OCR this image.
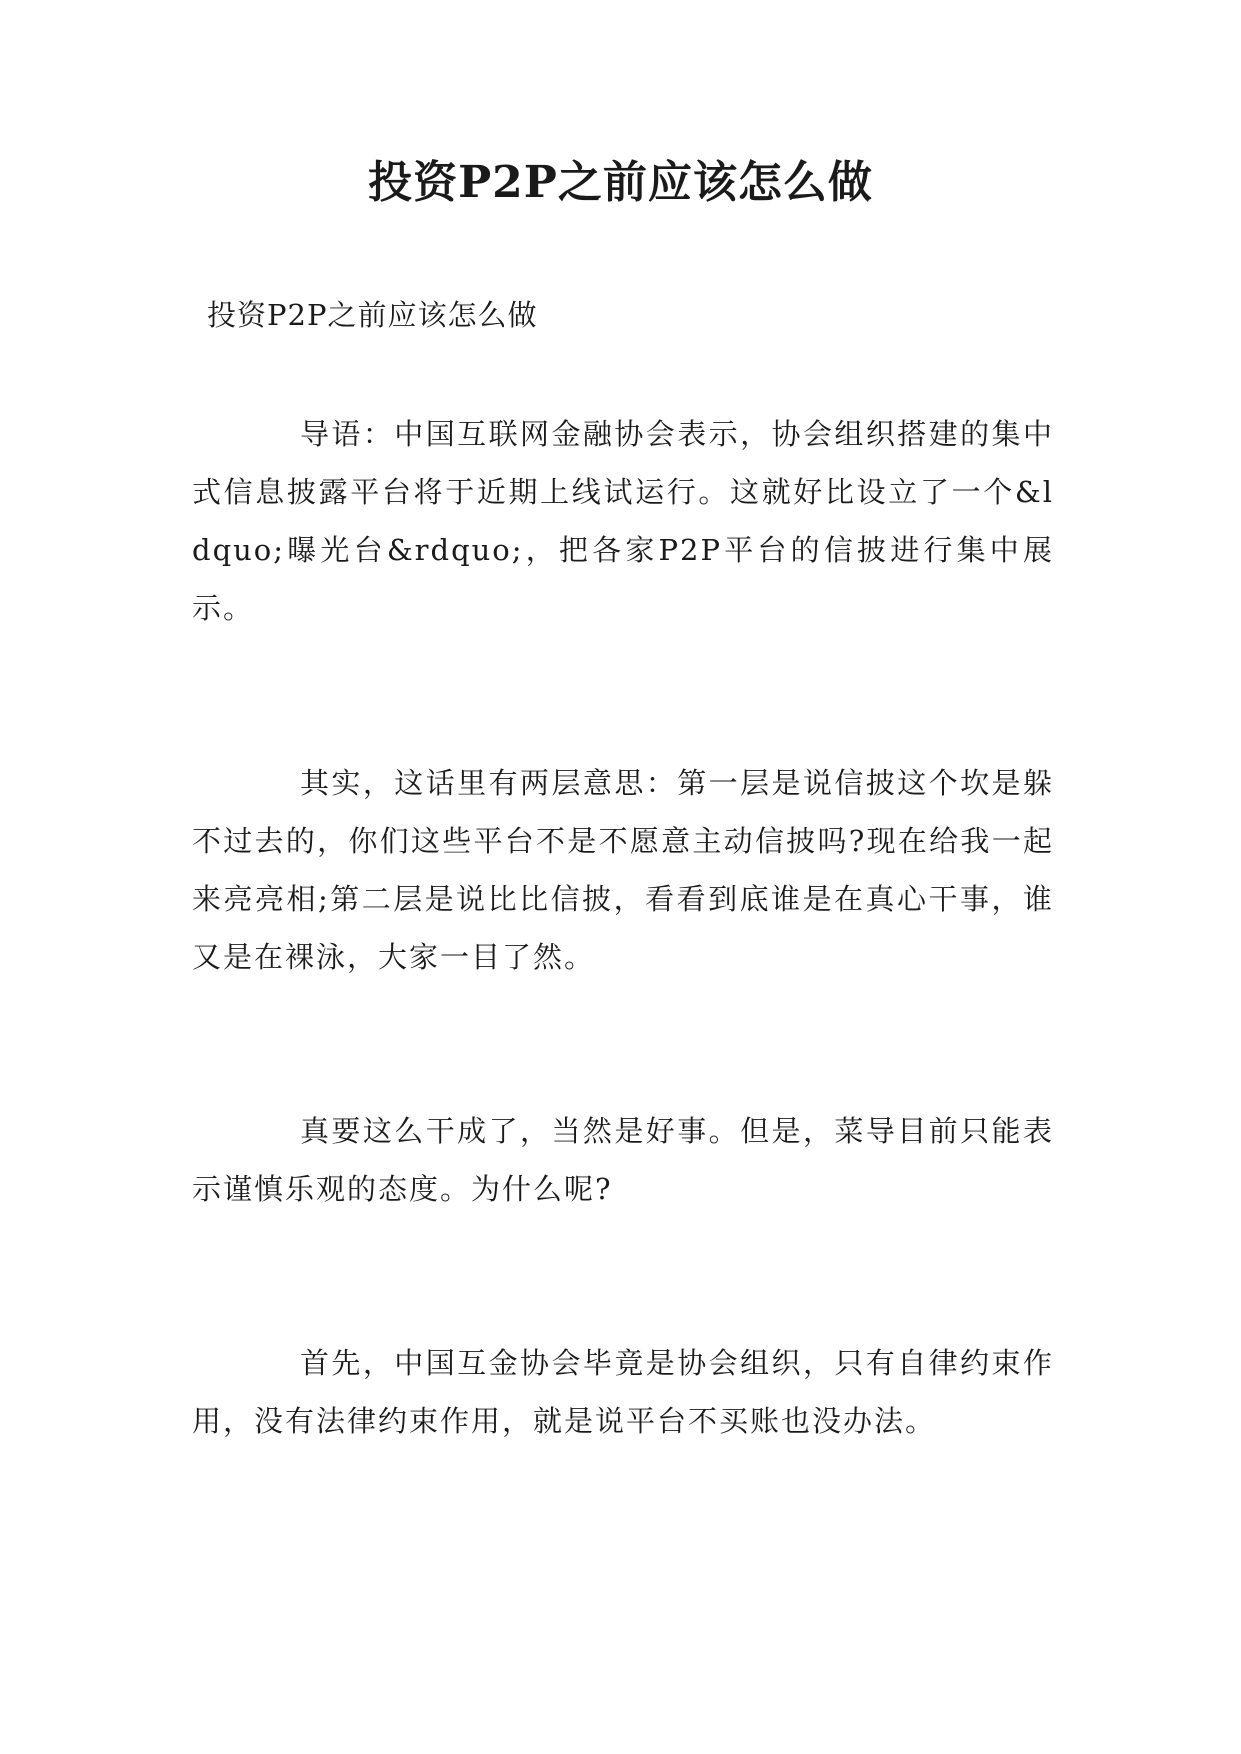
投资P2P之前应该怎么做

投资P2P之前应该怎么做

导语：中国互联网金融协会表示，协会组织搭建的集中式信息披露平台将于近期上线试运行。这就好比设立了一个&ldquo;曝光台&rdquo;，把各家P2P平台的信披进行集中展示。

其实，这话里有两层意思：第一层是说信披这个坎是躲不过去的，你们这些平台不是不愿意主动信披吗?现在给我一起来亮亮相;第二层是说比比信披，看看到底谁是在真心干事，谁又是在裸泳，大家一目了然。

真要这么干成了，当然是好事。但是，菜导目前只能表示谨慎乐观的态度。为什么呢?

首先，中国互金协会毕竟是协会组织，只有自律约束作用，没有法律约束作用，就是说平台不买账也没办法。
